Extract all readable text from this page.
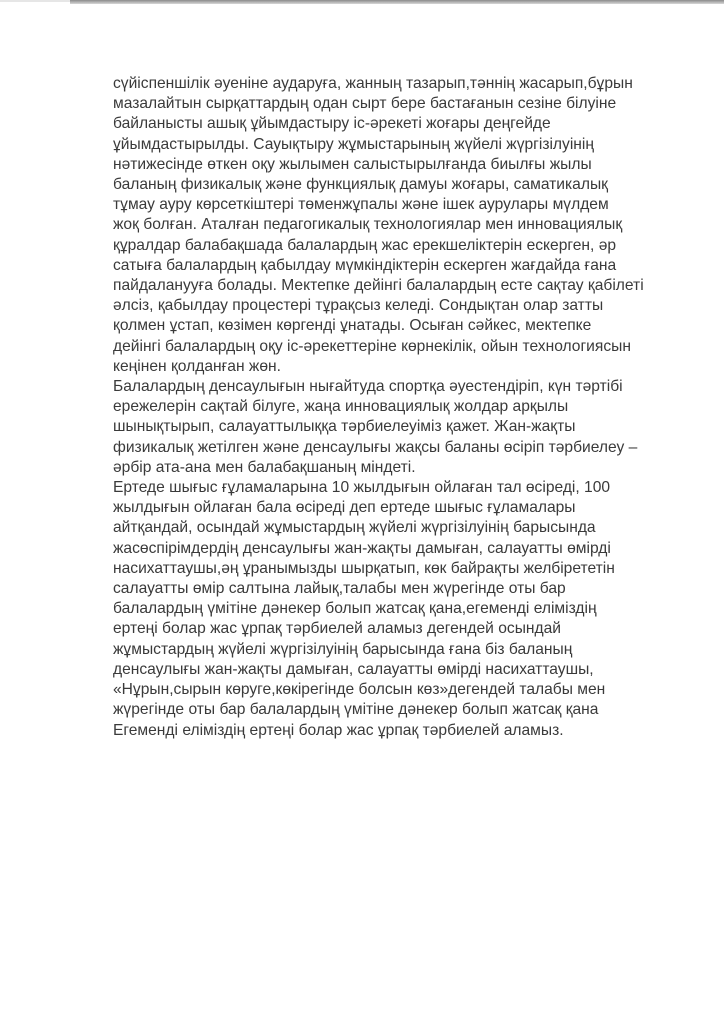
сүйіспеншілік әуеніне аударуға, жанның тазарып,тәннің жасарып,бұрын
мазалайтын сырқаттардың одан сырт бере бастағанын сезіне білуіне
байланысты ашық ұйымдастыру іс-әрекеті жоғары деңгейде
ұйымдастырылды. Сауықтыру жұмыстарының жүйелі жүргізілуінің
нәтижесінде өткен оқу жылымен салыстырылғанда биылғы жылы
баланың физикалық және функциялық дамуы жоғары, саматикалық
тұмау ауру көрсеткіштері төменжұпалы және ішек аурулары мүлдем
жоқ болған. Аталған педагогикалық технологиялар мен инновациялық
құралдар балабақшада балалардың жас ерекшеліктерін ескерген, әр
сатыға балалардың қабылдау мүмкіндіктерін ескерген жағдайда ғана
пайдаланууға болады. Мектепке дейінгі балалардың есте сақтау қабілеті
әлсіз, қабылдау процестері тұрақсыз келеді. Сондықтан олар затты
қолмен ұстап, көзімен көргенді ұнатады. Осыған сәйкес, мектепке
дейінгі балалардың оқу іс-әрекеттеріне көрнекілік, ойын технологиясын
кеңінен қолданған жөн.
Балалардың денсаулығын нығайтуда спортқа әуестендіріп, күн тәртібі
ережелерін сақтай білуге, жаңа инновациялық жолдар арқылы
шынықтырып, салауаттылыққа тәрбиелеуіміз қажет. Жан-жақты
физикалық жетілген және денсаулығы жақсы баланы өсіріп тәрбиелеу –
әрбір ата-ана мен балабақшаның міндеті.
Ертеде шығыс ғұламаларына 10 жылдығын ойлаған тал өсіреді, 100
жылдығын ойлаған бала өсіреді деп ертеде шығыс ғұламалары
айтқандай, осындай жұмыстардың жүйелі жүргізілуінің барысында
жасөспірімдердің денсаулығы жан-жақты дамыған, салауатты өмірді
насихаттаушы,әң ұранымызды шырқатып, көк байрақты желбірететін
салауатты өмір салтына лайық,талабы мен жүрегінде оты бар
балалардың үмітіне дәнекер болып жатсақ қана,егеменді еліміздің
ертеңі болар жас ұрпақ тәрбиелей аламыз дегендей осындай
жұмыстардың жүйелі жүргізілуінің барысында ғана біз баланың
денсаулығы жан-жақты дамыған, салауатты өмірді насихаттаушы,
«Нұрын,сырын көруге,көкірегінде болсын көз»дегендей талабы мен
жүрегінде оты бар балалардың үмітіне дәнекер болып жатсақ қана
Егеменді еліміздің ертеңі болар жас ұрпақ тәрбиелей аламыз.
